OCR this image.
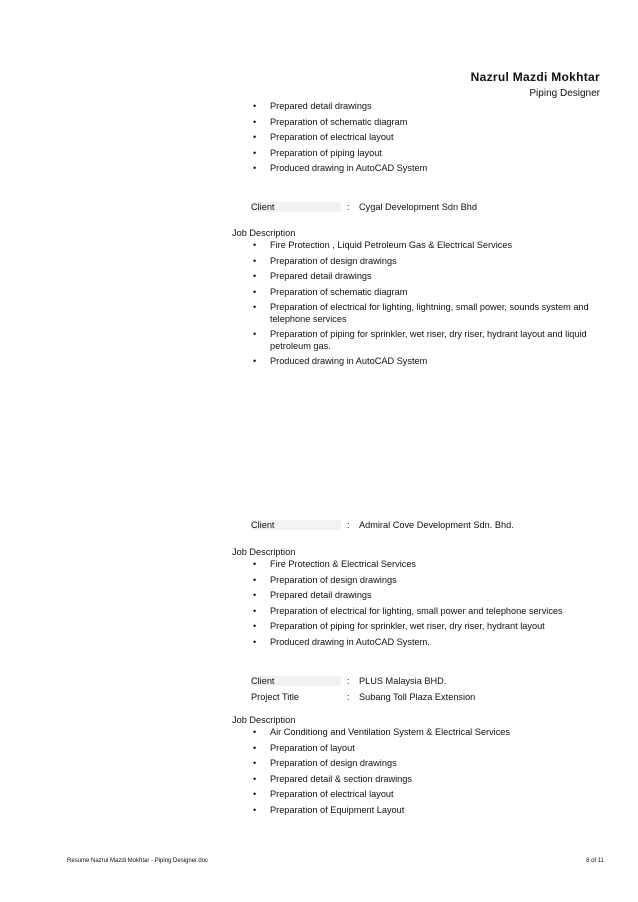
Nazrul Mazdi Mokhtar
Piping Designer
• Prepared detail drawings
• Preparation of schematic diagram
• Preparation of electrical layout
• Preparation of piping layout
• Produced drawing in AutoCAD System
Client	: Cygal Development Sdn Bhd
Job Description
• Fire Protection , Liquid Petroleum Gas & Electrical Services
• Preparation of design drawings
• Prepared detail drawings
• Preparation of schematic diagram
• Preparation of electrical for lighting, lightning, small power, sounds system and telephone services
• Preparation of piping for sprinkler, wet riser, dry riser, hydrant layout and liquid petroleum gas.
• Produced drawing in AutoCAD System
Client	: Admiral Cove Development Sdn. Bhd.
Job Description
• Fire Protection & Electrical Services
• Preparation of design drawings
• Prepared detail drawings
• Preparation of electrical for lighting, small power and telephone services
• Preparation of piping for sprinkler, wet riser, dry riser, hydrant layout
• Produced drawing in AutoCAD System.
Client	: PLUS Malaysia BHD.
Project Title	: Subang Toll Plaza Extension
Job Description
• Air Conditiong and Ventilation System & Electrical Services
• Preparation of layout
• Preparation of design drawings
• Prepared detail & section drawings
• Preparation of electrical layout
• Preparation of Equipment Layout
Resume Nazrul Mazdi Mokhtar - Piping Designer.doc	8 of 11
